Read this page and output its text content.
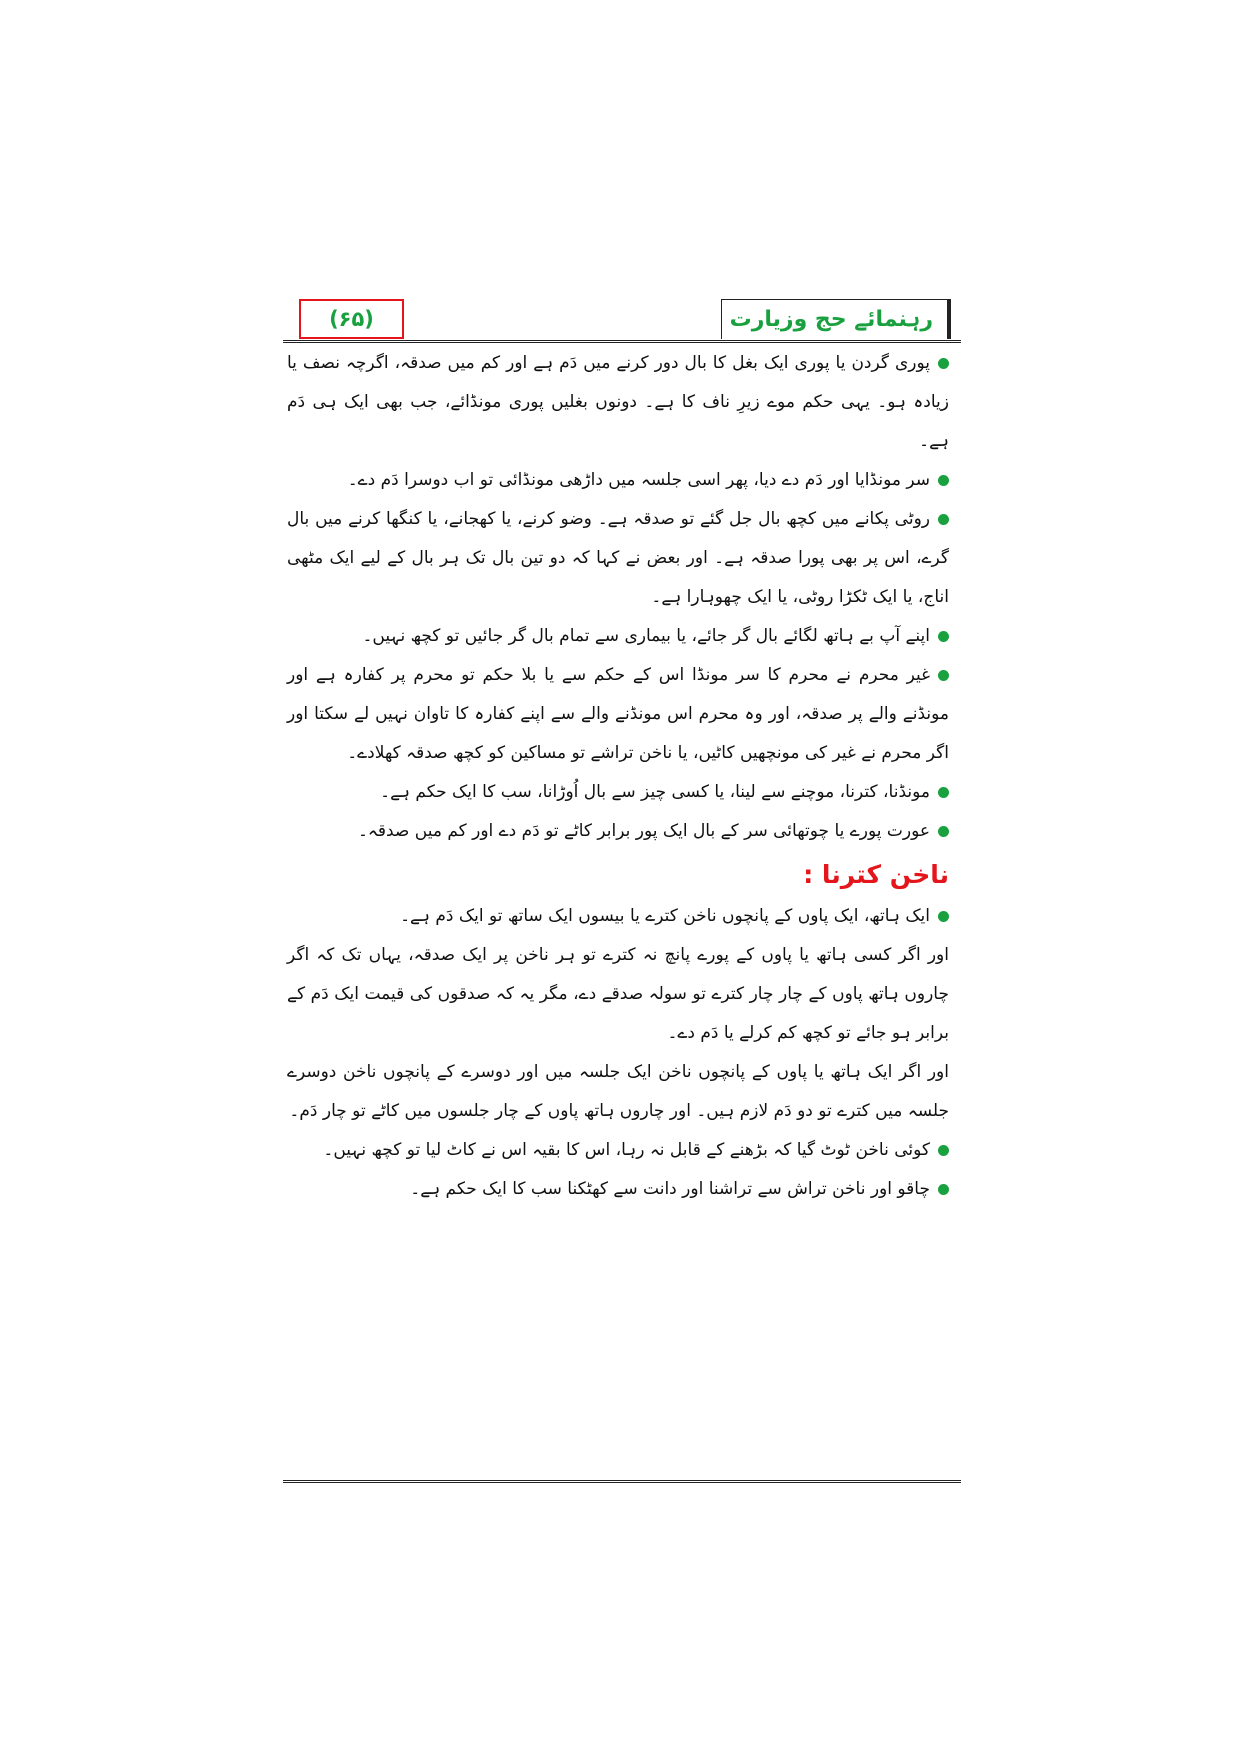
(۶۵)	رہنمائے حج وزیارت

پوری گردن یا پوری ایک بغل کا بال دور کرنے میں دَم ہے اور کم میں صدقہ، اگرچہ نصف یا زیادہ ہو۔ یہی حکم موے زیرِ ناف کا ہے۔ دونوں بغلیں پوری مونڈائے، جب بھی ایک ہی دَم ہے۔

سر مونڈایا اور دَم دے دیا، پھر اسی جلسہ میں داڑھی مونڈائی تو اب دوسرا دَم دے۔

روٹی پکانے میں کچھ بال جل گئے تو صدقہ ہے۔ وضو کرنے، یا کھجانے، یا کنگھا کرنے میں بال گرے، اس پر بھی پورا صدقہ ہے۔ اور بعض نے کہا کہ دو تین بال تک ہر بال کے لیے ایک مٹھی اناج، یا ایک ٹکڑا روٹی، یا ایک چھوہارا ہے۔

اپنے آپ بے ہاتھ لگائے بال گر جائے، یا بیماری سے تمام بال گر جائیں تو کچھ نہیں۔

غیر محرم نے محرم کا سر مونڈا اس کے حکم سے یا بلا حکم تو محرم پر کفارہ ہے اور مونڈنے والے پر صدقہ، اور وہ محرم اس مونڈنے والے سے اپنے کفارہ کا تاوان نہیں لے سکتا اور اگر محرم نے غیر کی مونچھیں کاٹیں، یا ناخن تراشے تو مساکین کو کچھ صدقہ کھلادے۔

مونڈنا، کترنا، موچنے سے لینا، یا کسی چیز سے بال اُوڑانا، سب کا ایک حکم ہے۔

عورت پورے یا چوتھائی سر کے بال ایک پور برابر کاٹے تو دَم دے اور کم میں صدقہ۔

ناخن کترنا :

ایک ہاتھ، ایک پاوں کے پانچوں ناخن کترے یا بیسوں ایک ساتھ تو ایک دَم ہے۔

اور اگر کسی ہاتھ یا پاوں کے پورے پانچ نہ کترے تو ہر ناخن پر ایک صدقہ، یہاں تک کہ اگر چاروں ہاتھ پاوں کے چار چار کترے تو سولہ صدقے دے، مگر یہ کہ صدقوں کی قیمت ایک دَم کے برابر ہو جائے تو کچھ کم کرلے یا دَم دے۔

اور اگر ایک ہاتھ یا پاوں کے پانچوں ناخن ایک جلسہ میں اور دوسرے کے پانچوں ناخن دوسرے جلسہ میں کترے تو دو دَم لازم ہیں۔ اور چاروں ہاتھ پاوں کے چار جلسوں میں کاٹے تو چار دَم۔

کوئی ناخن ٹوٹ گیا کہ بڑھنے کے قابل نہ رہا، اس کا بقیہ اس نے کاٹ لیا تو کچھ نہیں۔

چاقو اور ناخن تراش سے تراشنا اور دانت سے کھٹکنا سب کا ایک حکم ہے۔
